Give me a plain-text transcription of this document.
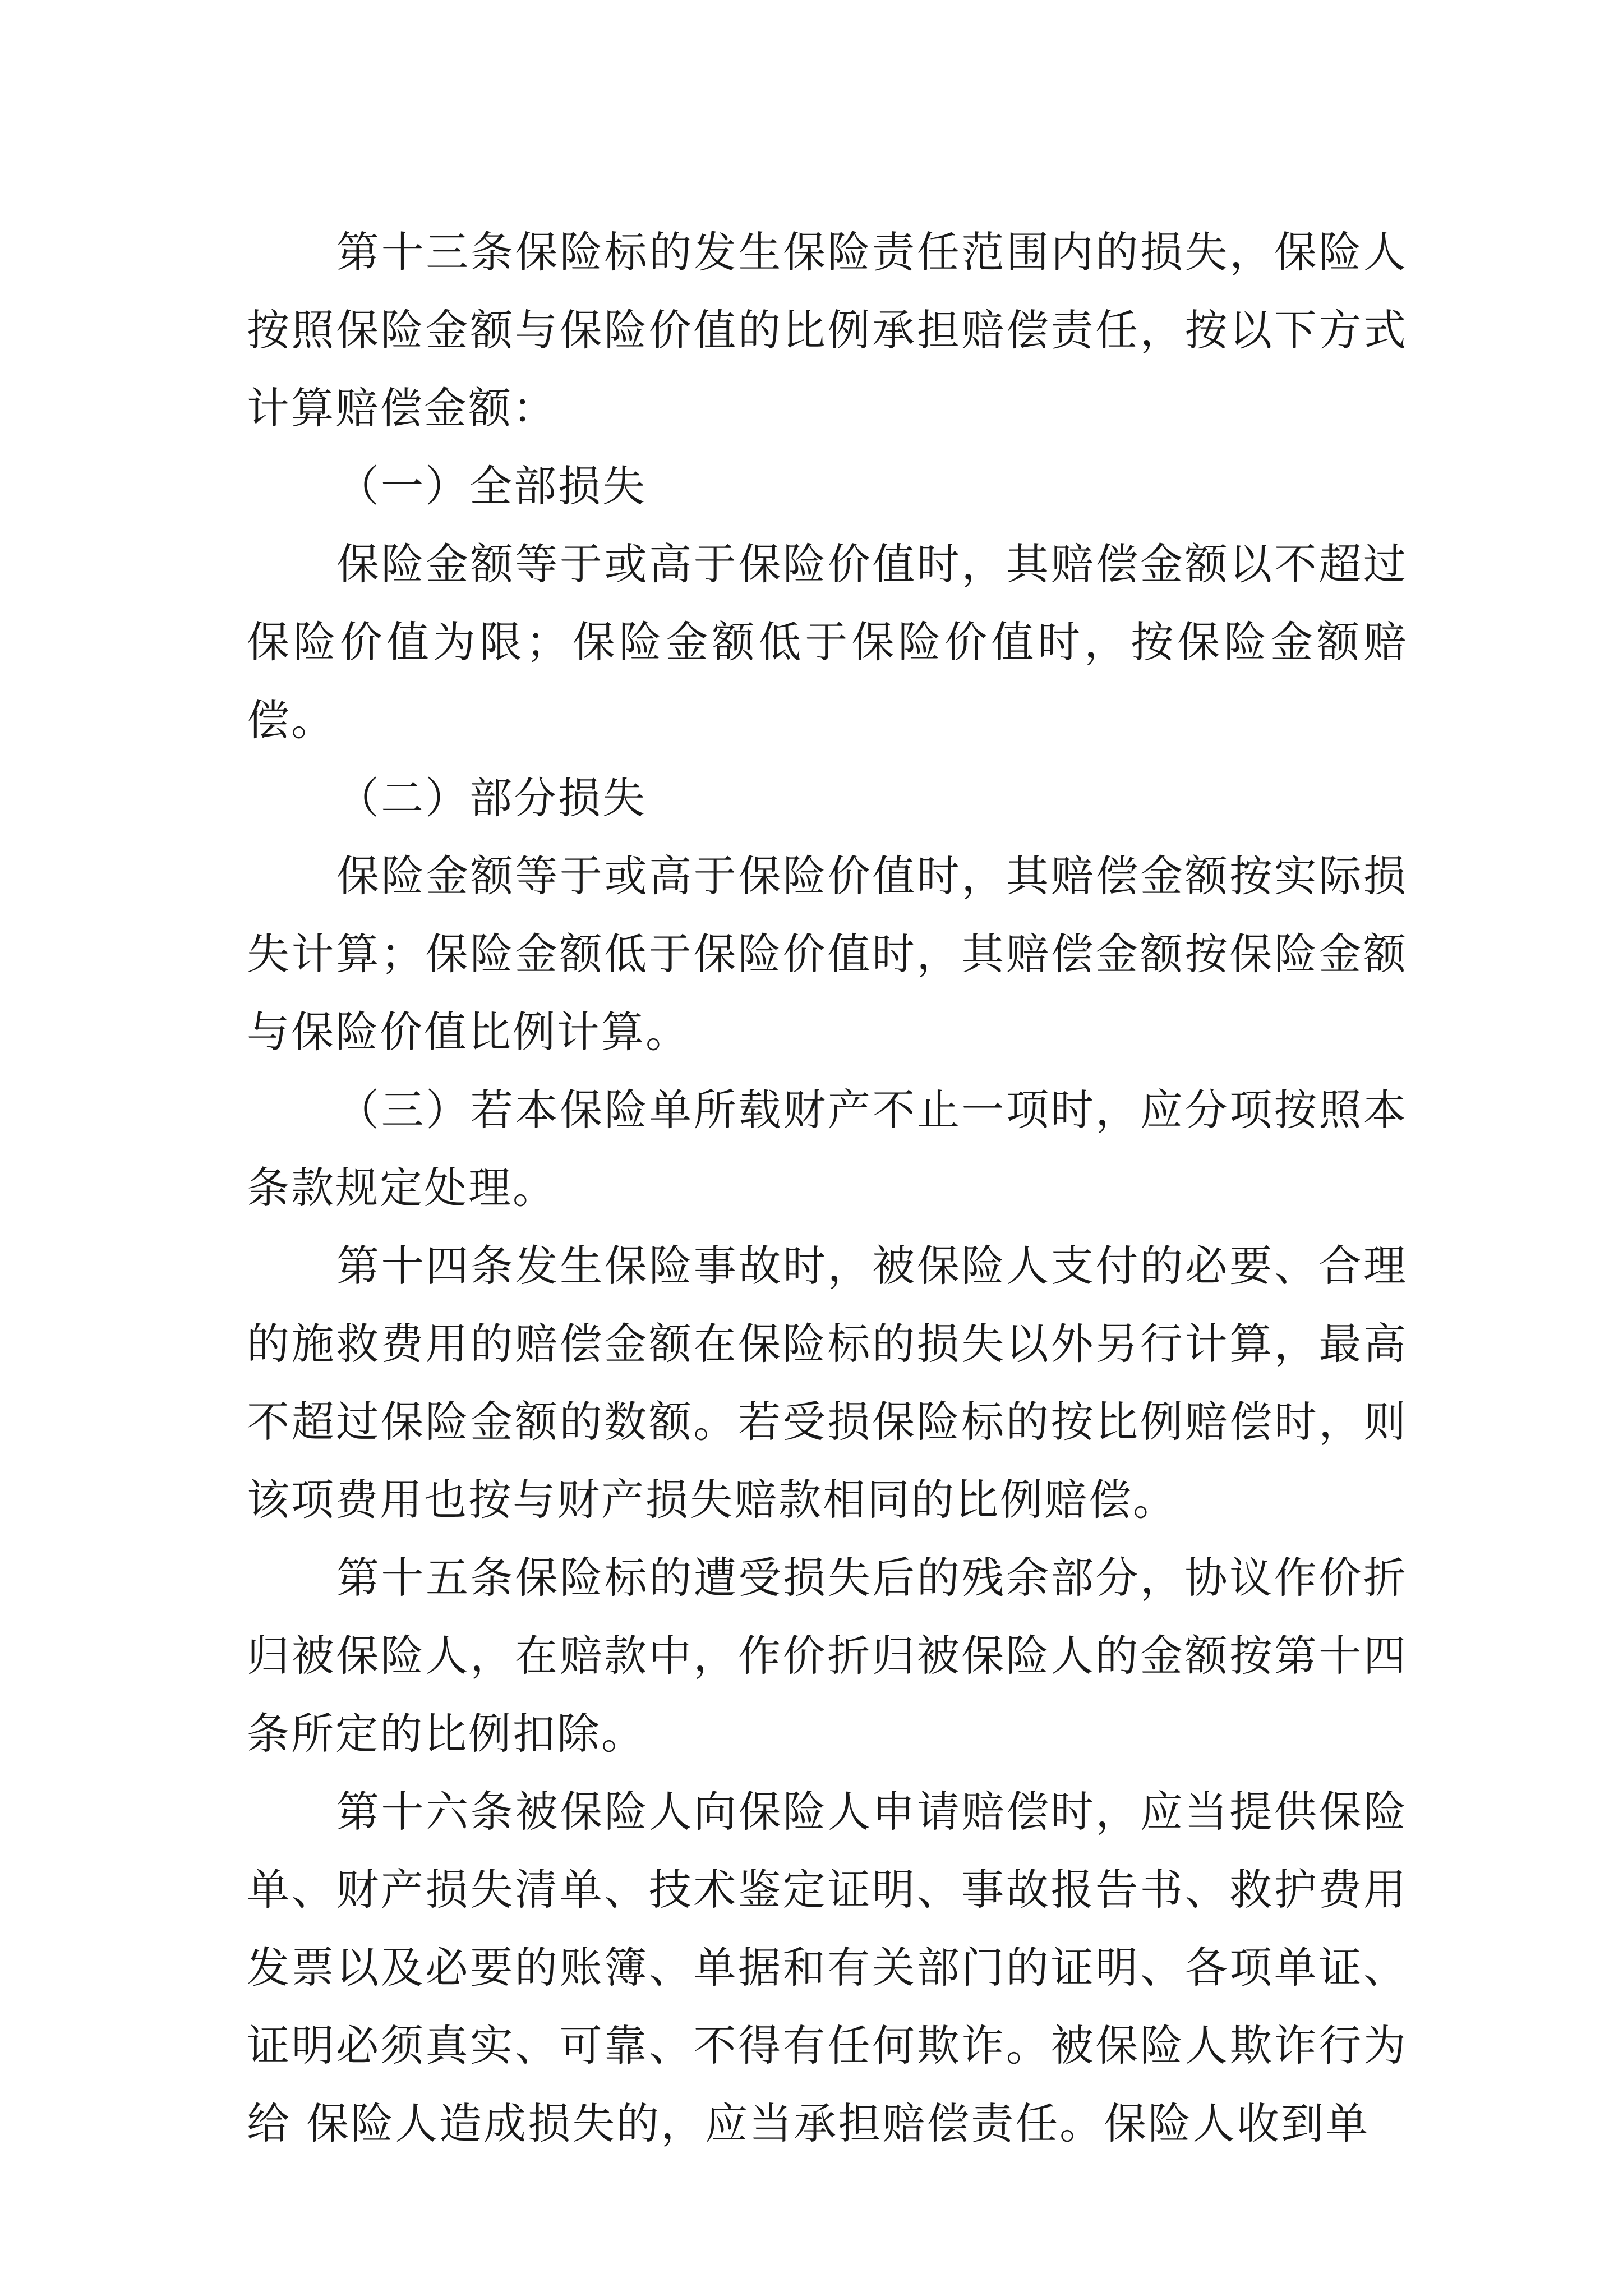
第十三条保险标的发生保险责任范围内的损失，保险人按照保险金额与保险价值的比例承担赔偿责任，按以下方式计算赔偿金额：

（一）全部损失

保险金额等于或高于保险价值时，其赔偿金额以不超过保险价值为限；保险金额低于保险价值时，按保险金额赔偿。

（二）部分损失

保险金额等于或高于保险价值时，其赔偿金额按实际损失计算；保险金额低于保险价值时，其赔偿金额按保险金额与保险价值比例计算。

（三）若本保险单所载财产不止一项时，应分项按照本条款规定处理。

第十四条发生保险事故时，被保险人支付的必要、合理的施救费用的赔偿金额在保险标的损失以外另行计算，最高不超过保险金额的数额。若受损保险标的按比例赔偿时，则该项费用也按与财产损失赔款相同的比例赔偿。

第十五条保险标的遭受损失后的残余部分，协议作价折归被保险人，在赔款中，作价折归被保险人的金额按第十四条所定的比例扣除。

第十六条被保险人向保险人申请赔偿时，应当提供保险单、财产损失清单、技术鉴定证明、事故报告书、救护费用发票以及必要的账簿、单据和有关部门的证明、各项单证、证明必须真实、可靠、不得有任何欺诈。被保险人欺诈行为给 保险人造成损失的，应当承担赔偿责任。保险人收到单
